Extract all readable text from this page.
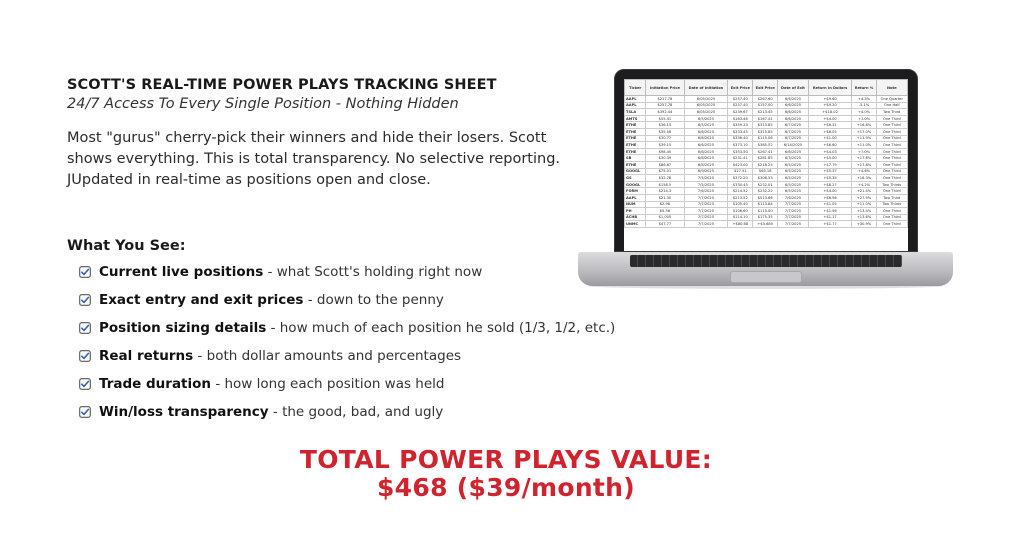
SCOTT'S REAL-TIME POWER PLAYS TRACKING SHEET
24/7 Access To Every Single Position - Nothing Hidden

Most "gurus" cherry-pick their winners and hide their losers. Scott shows everything. This is total transparency. No selective reporting. JUpdated in real-time as positions open and close.

What You See:
Current live positions - what Scott's holding right now
Exact entry and exit prices - down to the penny
Position sizing details - how much of each position he sold (1/3, 1/2, etc.)
Real returns - both dollar amounts and percentages
Trade duration - how long each position was held
Win/loss transparency - the good, bad, and ugly
TOTAL POWER PLAYS VALUE:
$468 ($39/month)
Ticker	Initiation Price	Date of Initiation	Exit Price	Exit Price	Date of Exit	Return in Dollars	Return %	Note
AAPL	$217.78	6/05/2025	$257.40	$267.60	6/6/2025	+$9.60	+4.3%	One Quarter
AAPL	$257.78	6/05/2025	$257.40	$157.00	6/6/2025	+$9.20	-5.1%	One Half
TSLA	$392.44	6/05/2025	$239.67	$213.45	6/6/2025	+$18.02	+4.0%	Two Third
AMTS	$55.41	6/5/2025	$163.46	$167.41	6/6/2025	+$4.00	+1.0%	One Third
ETHE	$36.15	6/5/2025	$359.23	$313.85	6/7/2025	+$6.31	+16.8%	One Third
ETHE	$35.58	6/6/2025	$333.45	$315.85	6/7/2025	+$6.05	+17.0%	One Third
ETHE	$30.77	6/6/2025	$336.40	$115.06	6/7/2025	+$1.00	+11.9%	One Third
ETHE	$39.15	6/6/2025	$373.10	$385.52	6/14/2025	+$6.60	+11.0%	One Third
ETHE	$98.45	6/6/2025	$353.50	$267.41	6/6/2025	+$4.03	+7.0%	One Third
SB	$30.39	6/8/2025	$231.41	$281.85	6/3/2025	+$5.00	+17.6%	One Third
ETHE	$86.67	6/8/2025	$423.00	$218.25	6/5/2025	+$7.79	+17.8%	One Third
GOOGL	$75.01	6/9/2025	$27.51	$65.18	6/5/2025	+$5.37	+4.6%	One Third
GS	$32.78	7/5/2025	$372.20	$308.53	6/5/2025	+$5.35	+16.3%	One Third
GOOGL	$158.5	7/5/2025	$330.45	$232.01	6/5/2025	+$8.27	+4.2%	Two Thirds
FORM	$214.3	7/6/2025	$214.52	$232.22	6/5/2025	+$4.00	+21.4%	One Third
AAPL	$21.30	7/7/2025	$213.52	$513.66	7/6/2025	+$6.96	+27.9%	Two Third
NUM	$2.98	7/7/2025	$105.40	$113.84	7/7/2025	+$1.05	+11.0%	Two Thirds
PH	$5.56	7/7/2025	$106.60	$115.00	7/7/2025	+$1.56	+13.4%	One Third
ACHB	$1,005	7/7/2025	$114.10	$175.35	7/7/2025	+$1.17	+13.6%	One Third
UNMC	$47.77	7/7/2025	+$80.68	+$5.685	7/7/2025	+$1.77	+30.9%	One Third
